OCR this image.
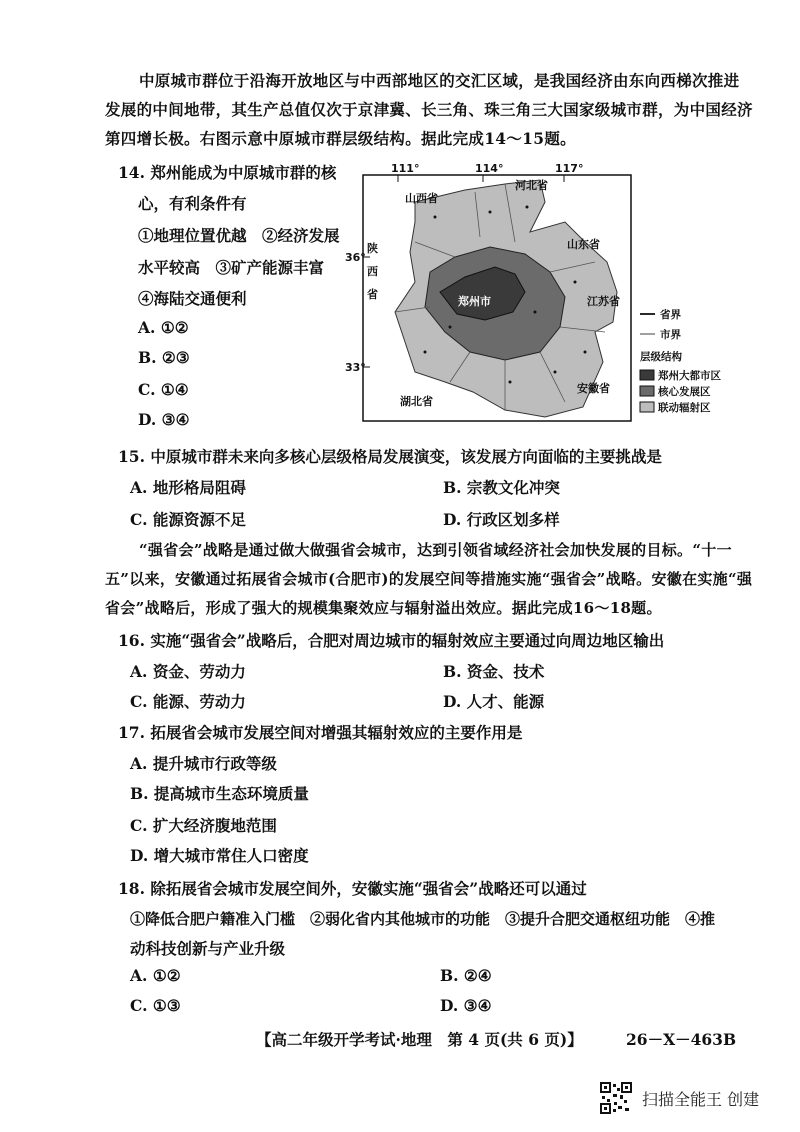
中原城市群位于沿海开放地区与中西部地区的交汇区域，是我国经济由东向西梯次推进发展的中间地带，其生产总值仅次于京津冀、长三角、珠三角三大国家级城市群，为中国经济第四增长极。右图示意中原城市群层级结构。据此完成14～15题。
14. 郑州能成为中原城市群的核
心，有利条件有
①地理位置优越　②经济发展
水平较高　③矿产能源丰富
④海陆交通便利
A. ①②
B. ②③
C. ①④
D. ③④
111°	114°	117°
36°
33°
山西省
河北省
山东省
陕
西
省
江苏省
湖北省
安徽省
郑州市
省界
市界
层级结构
郑州大都市区
核心发展区
联动辐射区
15. 中原城市群未来向多核心层级格局发展演变，该发展方向面临的主要挑战是
A. 地形格局阻碍	B. 宗教文化冲突
C. 能源资源不足	D. 行政区划多样
“强省会”战略是通过做大做强省会城市，达到引领省域经济社会加快发展的目标。“十一五”以来，安徽通过拓展省会城市(合肥市)的发展空间等措施实施“强省会”战略。安徽在实施“强省会”战略后，形成了强大的规模集聚效应与辐射溢出效应。据此完成16～18题。
16. 实施“强省会”战略后，合肥对周边城市的辐射效应主要通过向周边地区输出
A. 资金、劳动力	B. 资金、技术
C. 能源、劳动力	D. 人才、能源
17. 拓展省会城市发展空间对增强其辐射效应的主要作用是
A. 提升城市行政等级
B. 提高城市生态环境质量
C. 扩大经济腹地范围
D. 增大城市常住人口密度
18. 除拓展省会城市发展空间外，安徽实施“强省会”战略还可以通过
①降低合肥户籍准入门槛　②弱化省内其他城市的功能　③提升合肥交通枢纽功能　④推
动科技创新与产业升级
A. ①②	B. ②④
C. ①③	D. ③④
【高二年级开学考试·地理　第 4 页(共 6 页)】	26－X－463B
扫描全能王 创建
